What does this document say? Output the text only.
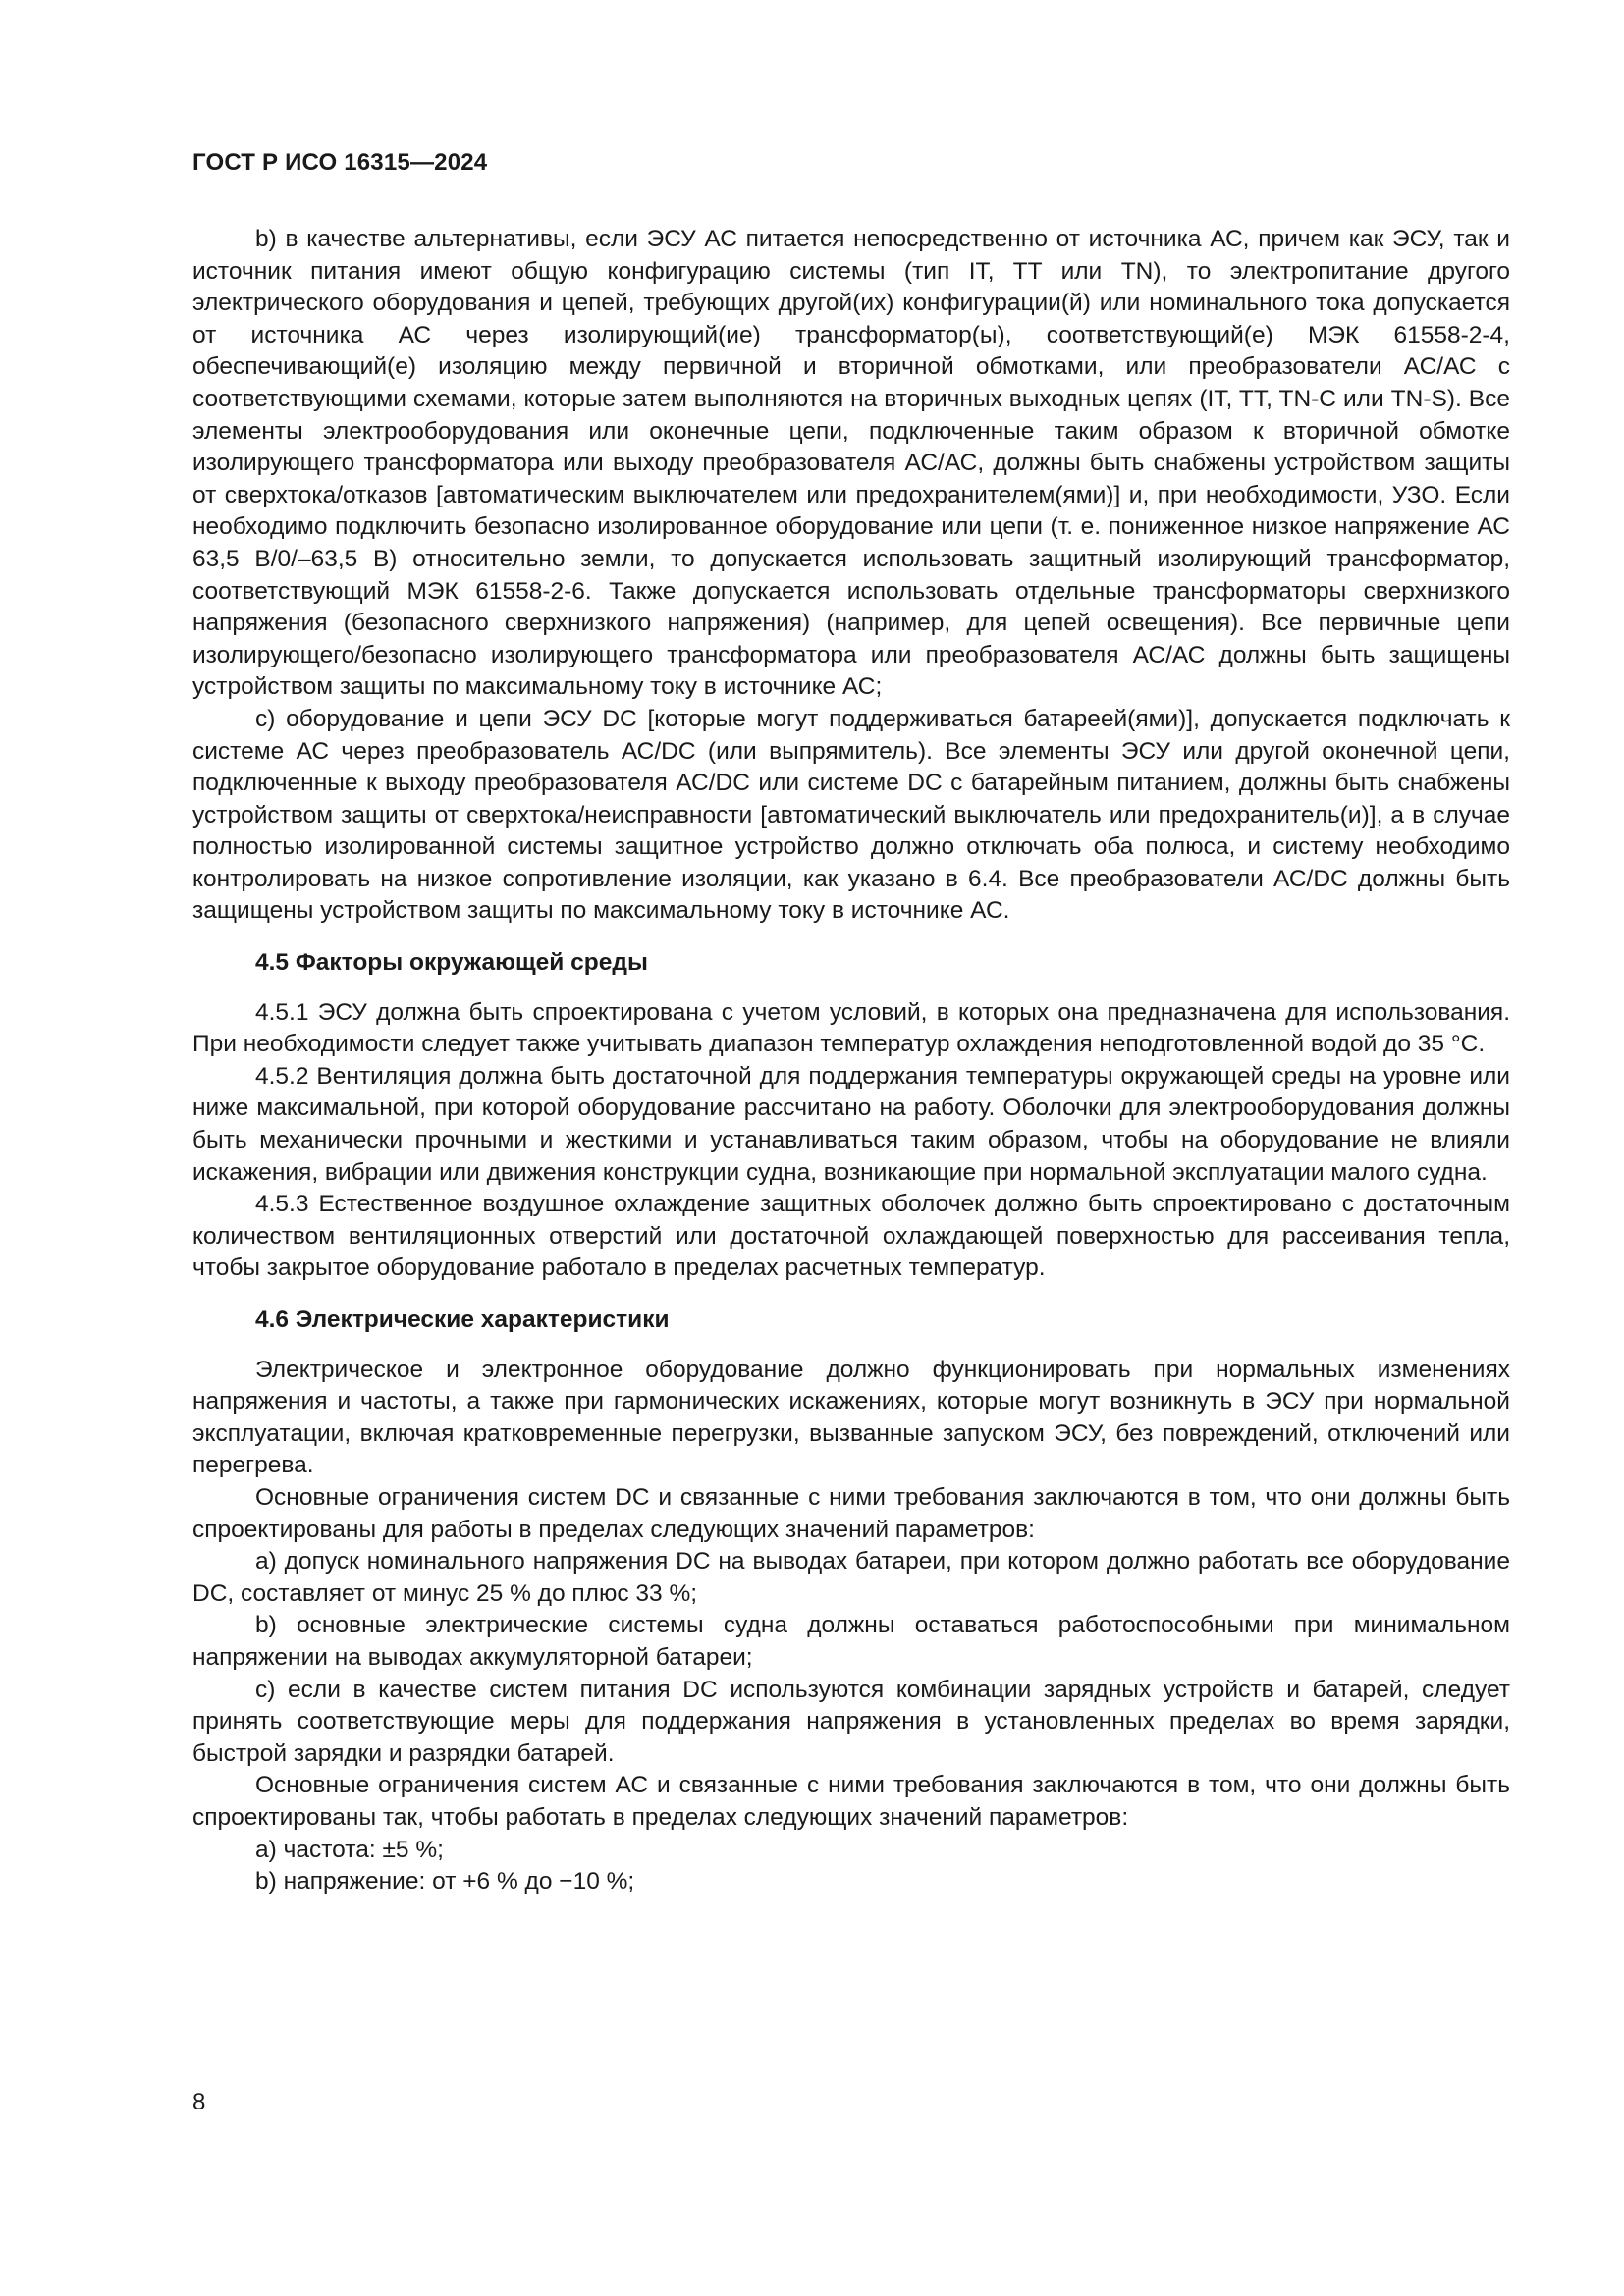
ГОСТ Р ИСО 16315—2024

b) в качестве альтернативы, если ЭСУ АС питается непосредственно от источника АС, причем как ЭСУ, так и источник питания имеют общую конфигурацию системы (тип IT, TT или TN), то электропитание другого электрического оборудования и цепей, требующих другой(их) конфигурации(й) или номинального тока допускается от источника АС через изолирующий(ие) трансформатор(ы), соответствующий(е) МЭК 61558-2-4, обеспечивающий(е) изоляцию между первичной и вторичной обмотками, или преобразователи АС/АС с соответствующими схемами, которые затем выполняются на вторичных выходных цепях (IT, TT, TN-C или TN-S). Все элементы электрооборудования или оконечные цепи, подключенные таким образом к вторичной обмотке изолирующего трансформатора или выходу преобразователя АС/АС, должны быть снабжены устройством защиты от сверхтока/отказов [автоматическим выключателем или предохранителем(ями)] и, при необходимости, УЗО. Если необходимо подключить безопасно изолированное оборудование или цепи (т. е. пониженное низкое напряжение АС 63,5 В/0/–63,5 В) относительно земли, то допускается использовать защитный изолирующий трансформатор, соответствующий МЭК 61558-2-6. Также допускается использовать отдельные трансформаторы сверхнизкого напряжения (безопасного сверхнизкого напряжения) (например, для цепей освещения). Все первичные цепи изолирующего/безопасно изолирующего трансформатора или преобразователя АС/АС должны быть защищены устройством защиты по максимальному току в источнике АС;

c) оборудование и цепи ЭСУ DC [которые могут поддерживаться батареей(ями)], допускается подключать к системе АС через преобразователь АС/DC (или выпрямитель). Все элементы ЭСУ или другой оконечной цепи, подключенные к выходу преобразователя АС/DC или системе DC с батарейным питанием, должны быть снабжены устройством защиты от сверхтока/неисправности [автоматический выключатель или предохранитель(и)], а в случае полностью изолированной системы защитное устройство должно отключать оба полюса, и систему необходимо контролировать на низкое сопротивление изоляции, как указано в 6.4. Все преобразователи АС/DC должны быть защищены устройством защиты по максимальному току в источнике АС.

4.5 Факторы окружающей среды

4.5.1 ЭСУ должна быть спроектирована с учетом условий, в которых она предназначена для использования. При необходимости следует также учитывать диапазон температур охлаждения неподготовленной водой до 35 °С.

4.5.2 Вентиляция должна быть достаточной для поддержания температуры окружающей среды на уровне или ниже максимальной, при которой оборудование рассчитано на работу. Оболочки для электрооборудования должны быть механически прочными и жесткими и устанавливаться таким образом, чтобы на оборудование не влияли искажения, вибрации или движения конструкции судна, возникающие при нормальной эксплуатации малого судна.

4.5.3 Естественное воздушное охлаждение защитных оболочек должно быть спроектировано с достаточным количеством вентиляционных отверстий или достаточной охлаждающей поверхностью для рассеивания тепла, чтобы закрытое оборудование работало в пределах расчетных температур.

4.6 Электрические характеристики

Электрическое и электронное оборудование должно функционировать при нормальных изменениях напряжения и частоты, а также при гармонических искажениях, которые могут возникнуть в ЭСУ при нормальной эксплуатации, включая кратковременные перегрузки, вызванные запуском ЭСУ, без повреждений, отключений или перегрева.

Основные ограничения систем DC и связанные с ними требования заключаются в том, что они должны быть спроектированы для работы в пределах следующих значений параметров:

a) допуск номинального напряжения DC на выводах батареи, при котором должно работать все оборудование DC, составляет от минус 25 % до плюс 33 %;

b) основные электрические системы судна должны оставаться работоспособными при минимальном напряжении на выводах аккумуляторной батареи;

c) если в качестве систем питания DC используются комбинации зарядных устройств и батарей, следует принять соответствующие меры для поддержания напряжения в установленных пределах во время зарядки, быстрой зарядки и разрядки батарей.

Основные ограничения систем АС и связанные с ними требования заключаются в том, что они должны быть спроектированы так, чтобы работать в пределах следующих значений параметров:

a) частота: ±5 %;

b) напряжение: от +6 % до −10 %;

8
